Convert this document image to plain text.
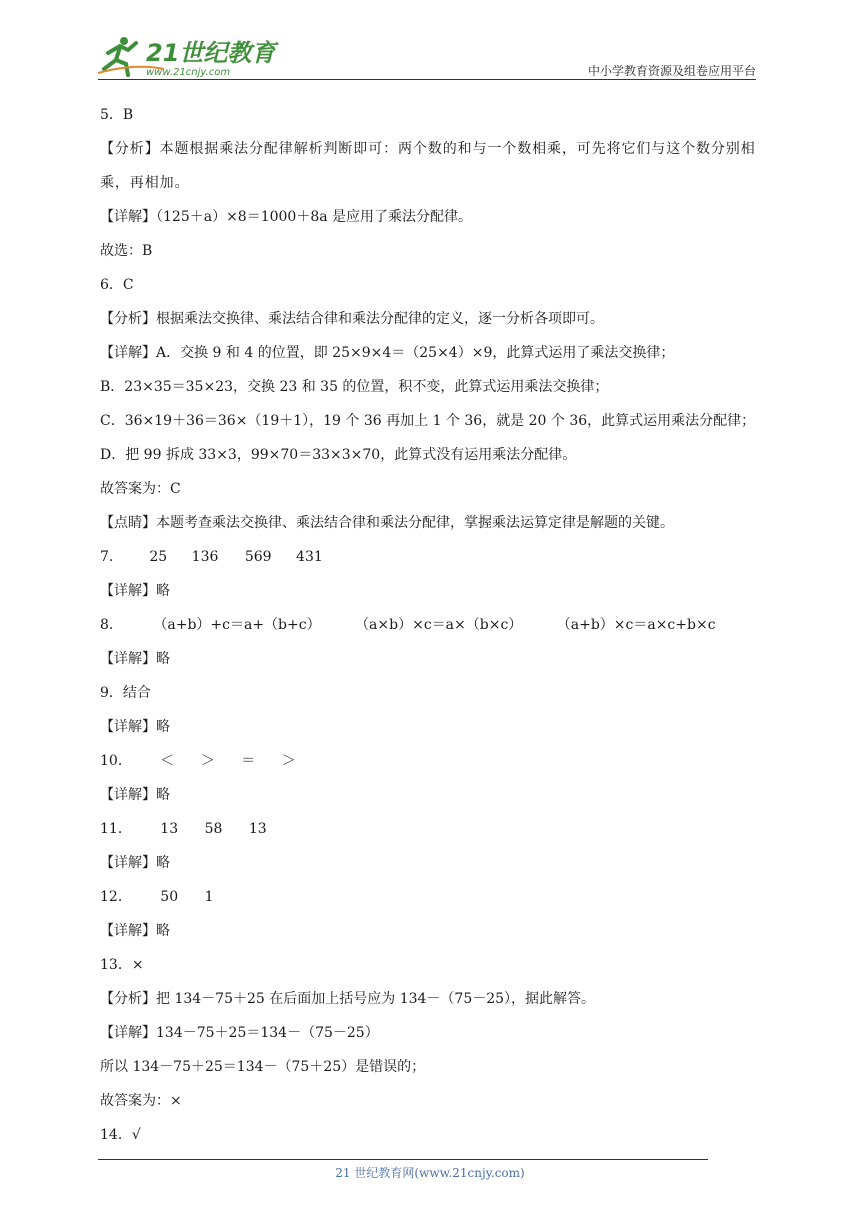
21世纪教育
www.21cnjy.com	中小学教育资源及组卷应用平台
5．B
【分析】本题根据乘法分配律解析判断即可：两个数的和与一个数相乘，可先将它们与这个数分别相乘，再相加。
【详解】（125＋a）×8＝1000＋8a 是应用了乘法分配律。
故选：B
6．C
【分析】根据乘法交换律、乘法结合律和乘法分配律的定义，逐一分析各项即可。
【详解】A．交换 9 和 4 的位置，即 25×9×4＝（25×4）×9，此算式运用了乘法交换律；
B．23×35＝35×23，交换 23 和 35 的位置，积不变，此算式运用乘法交换律；
C．36×19＋36＝36×（19＋1），19 个 36 再加上 1 个 36，就是 20 个 36，此算式运用乘法分配律；
D．把 99 拆成 33×3，99×70＝33×3×70，此算式没有运用乘法分配律。
故答案为：C
【点睛】本题考查乘法交换律、乘法结合律和乘法分配律，掌握乘法运算定律是解题的关键。
7． 25 136 569 431
【详解】略
8． （a+b）+c＝a+（b+c） （a×b）×c＝a×（b×c） （a+b）×c＝a×c+b×c
【详解】略
9．结合
【详解】略
10． ＜ ＞ ＝ ＞
【详解】略
11． 13 58 13
【详解】略
12． 50 1
【详解】略
13．×
【分析】把 134－75＋25 在后面加上括号应为 134－（75－25），据此解答。
【详解】134－75＋25＝134－（75－25）
所以 134－75＋25＝134－（75＋25）是错误的；
故答案为：×
14．√
21 世纪教育网(www.21cnjy.com)
